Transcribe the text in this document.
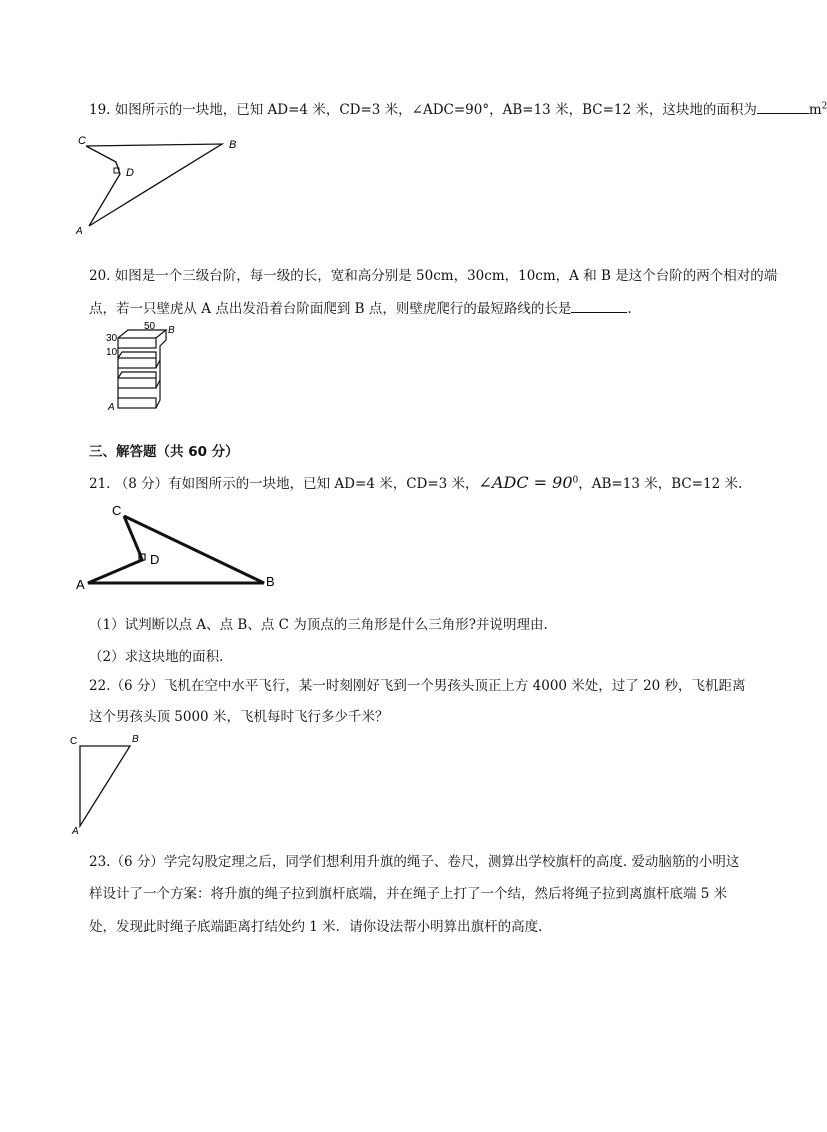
19. 如图所示的一块地，已知 AD=4 米，CD=3 米，∠ADC=90°，AB=13 米，BC=12 米，这块地的面积为	$m^2$
C	B
D
A
20. 如图是一个三级台阶，每一级的长，宽和高分别是 50cm，30cm，10cm，A 和 B 是这个台阶的两个相对的端
点，若一只壁虎从 A 点出发沿着台阶面爬到 B 点，则壁虎爬行的最短路线的长是	.
50 B
30
10
A
三、解答题（共 60 分）
21. （8 分）有如图所示的一块地，已知 AD=4 米，CD=3 米，∠ADC = $90^0$，AB=13 米，BC=12 米.
C
D
A	B
（1）试判断以点 A、点 B、点 C 为顶点的三角形是什么三角形?并说明理由.
（2）求这块地的面积.
22.（6 分）飞机在空中水平飞行，某一时刻刚好飞到一个男孩头顶正上方 4000 米处，过了 20 秒，飞机距离
这个男孩头顶 5000 米，飞机每时飞行多少千米？
C	B
A
23.（6 分）学完勾股定理之后，同学们想利用升旗的绳子、卷尺，测算出学校旗杆的高度. 爱动脑筋的小明这
样设计了一个方案：将升旗的绳子拉到旗杆底端，并在绳子上打了一个结，然后将绳子拉到离旗杆底端 5 米
处，发现此时绳子底端距离打结处约 1 米．请你设法帮小明算出旗杆的高度.
